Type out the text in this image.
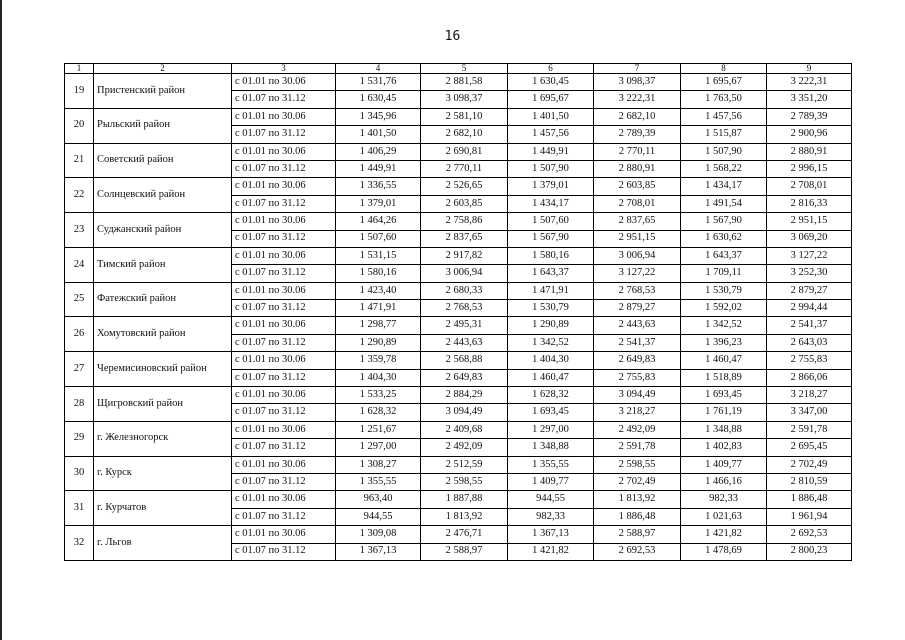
16
1	2	3	4	5	6	7	8	9
19	Пристенский район	с 01.01 по 30.06	1 531,76	2 881,58	1 630,45	3 098,37	1 695,67	3 222,31
		с 01.07 по 31.12	1 630,45	3 098,37	1 695,67	3 222,31	1 763,50	3 351,20
20	Рыльский район	с 01.01 по 30.06	1 345,96	2 581,10	1 401,50	2 682,10	1 457,56	2 789,39
		с 01.07 по 31.12	1 401,50	2 682,10	1 457,56	2 789,39	1 515,87	2 900,96
21	Советский район	с 01.01 по 30.06	1 406,29	2 690,81	1 449,91	2 770,11	1 507,90	2 880,91
		с 01.07 по 31.12	1 449,91	2 770,11	1 507,90	2 880,91	1 568,22	2 996,15
22	Солнцевский район	с 01.01 по 30.06	1 336,55	2 526,65	1 379,01	2 603,85	1 434,17	2 708,01
		с 01.07 по 31.12	1 379,01	2 603,85	1 434,17	2 708,01	1 491,54	2 816,33
23	Суджанский район	с 01.01 по 30.06	1 464,26	2 758,86	1 507,60	2 837,65	1 567,90	2 951,15
		с 01.07 по 31.12	1 507,60	2 837,65	1 567,90	2 951,15	1 630,62	3 069,20
24	Тимский район	с 01.01 по 30.06	1 531,15	2 917,82	1 580,16	3 006,94	1 643,37	3 127,22
		с 01.07 по 31.12	1 580,16	3 006,94	1 643,37	3 127,22	1 709,11	3 252,30
25	Фатежский район	с 01.01 по 30.06	1 423,40	2 680,33	1 471,91	2 768,53	1 530,79	2 879,27
		с 01.07 по 31.12	1 471,91	2 768,53	1 530,79	2 879,27	1 592,02	2 994,44
26	Хомутовский район	с 01.01 по 30.06	1 298,77	2 495,31	1 290,89	2 443,63	1 342,52	2 541,37
		с 01.07 по 31.12	1 290,89	2 443,63	1 342,52	2 541,37	1 396,23	2 643,03
27	Черемисиновский район	с 01.01 по 30.06	1 359,78	2 568,88	1 404,30	2 649,83	1 460,47	2 755,83
		с 01.07 по 31.12	1 404,30	2 649,83	1 460,47	2 755,83	1 518,89	2 866,06
28	Щигровский район	с 01.01 по 30.06	1 533,25	2 884,29	1 628,32	3 094,49	1 693,45	3 218,27
		с 01.07 по 31.12	1 628,32	3 094,49	1 693,45	3 218,27	1 761,19	3 347,00
29	г. Железногорск	с 01.01 по 30.06	1 251,67	2 409,68	1 297,00	2 492,09	1 348,88	2 591,78
		с 01.07 по 31.12	1 297,00	2 492,09	1 348,88	2 591,78	1 402,83	2 695,45
30	г. Курск	с 01.01 по 30.06	1 308,27	2 512,59	1 355,55	2 598,55	1 409,77	2 702,49
		с 01.07 по 31.12	1 355,55	2 598,55	1 409,77	2 702,49	1 466,16	2 810,59
31	г. Курчатов	с 01.01 по 30.06	963,40	1 887,88	944,55	1 813,92	982,33	1 886,48
		с 01.07 по 31.12	944,55	1 813,92	982,33	1 886,48	1 021,63	1 961,94
32	г. Льгов	с 01.01 по 30.06	1 309,08	2 476,71	1 367,13	2 588,97	1 421,82	2 692,53
		с 01.07 по 31.12	1 367,13	2 588,97	1 421,82	2 692,53	1 478,69	2 800,23
